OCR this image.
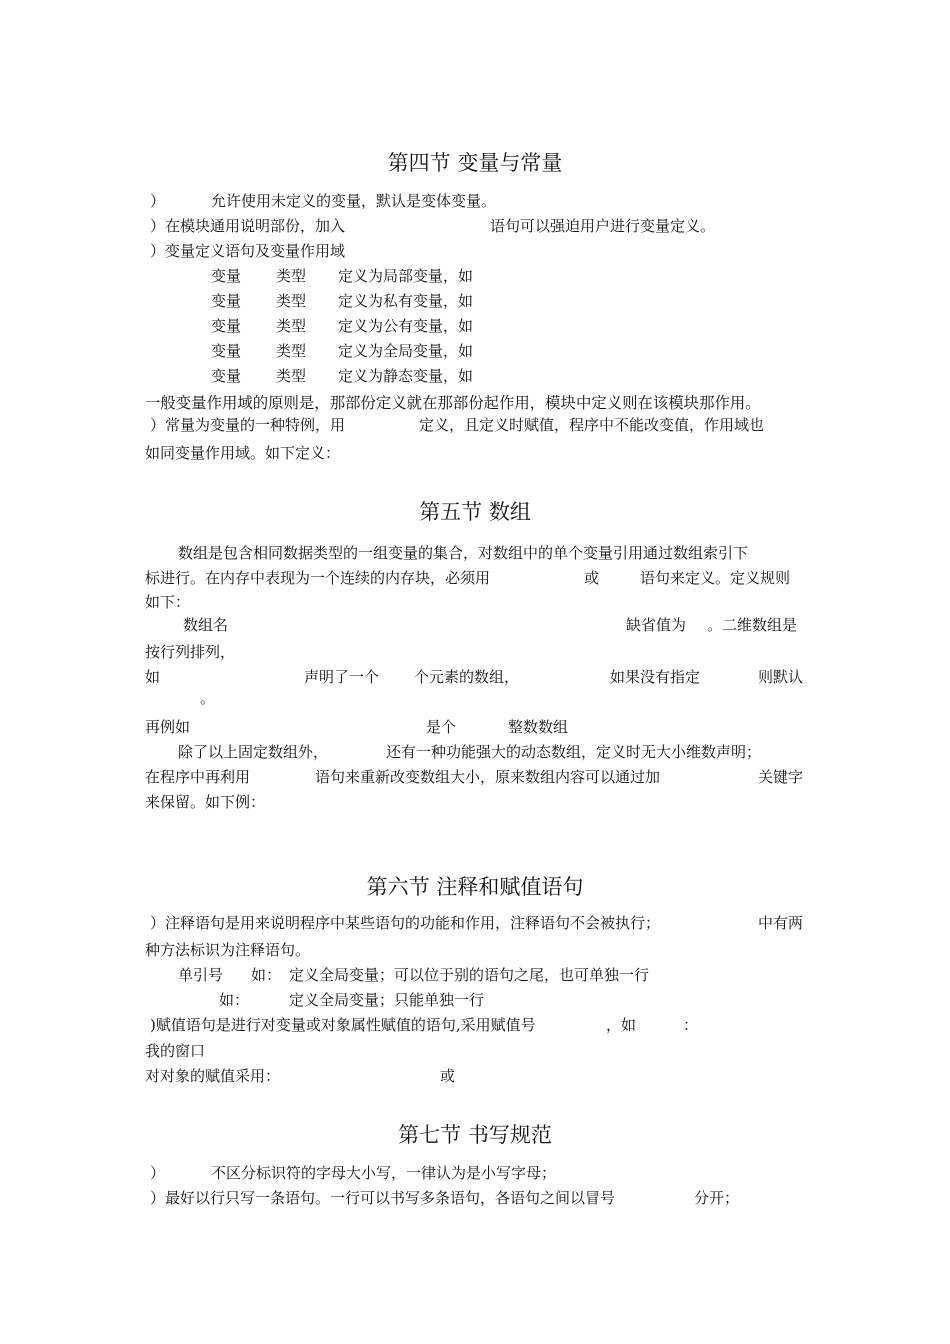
第四节 变量与常量
）	允许使用未定义的变量，默认是变体变量。
）在模块通用说明部份，加入	语句可以强迫用户进行变量定义。
）变量定义语句及变量作用域
变量 类型 定义为局部变量，如
变量 类型 定义为私有变量，如
变量 类型 定义为公有变量，如
变量 类型 定义为全局变量，如
变量 类型 定义为静态变量，如
一般变量作用域的原则是，那部份定义就在那部份起作用，模块中定义则在该模块那作用。
）常量为变量的一种特例，用	定义，且定义时赋值，程序中不能改变值，作用域也
如同变量作用域。如下定义：
第五节 数组
数组是包含相同数据类型的一组变量的集合，对数组中的单个变量引用通过数组索引下
标进行。在内存中表现为一个连续的内存块，必须用	或	语句来定义。定义规则
如下：
数组名	缺省值为 。二维数组是
按行列排列，
如	声明了一个 个元素的数组，	如果没有指定	则默认
。
再例如	是个	整数数组
除了以上固定数组外，	还有一种功能强大的动态数组，定义时无大小维数声明；
在程序中再利用	语句来重新改变数组大小，原来数组内容可以通过加	关键字
来保留。如下例：
第六节 注释和赋值语句
）注释语句是用来说明程序中某些语句的功能和作用，注释语句不会被执行；	中有两
种方法标识为注释语句。
单引号 如： 定义全局变量；可以位于别的语句之尾，也可单独一行
如：	定义全局变量；只能单独一行
)赋值语句是进行对变量或对象属性赋值的语句,采用赋值号	，如	：
我的窗口
对对象的赋值采用：	或
第七节 书写规范
）	不区分标识符的字母大小写，一律认为是小写字母；
）最好以行只写一条语句。一行可以书写多条语句，各语句之间以冒号	分开；
